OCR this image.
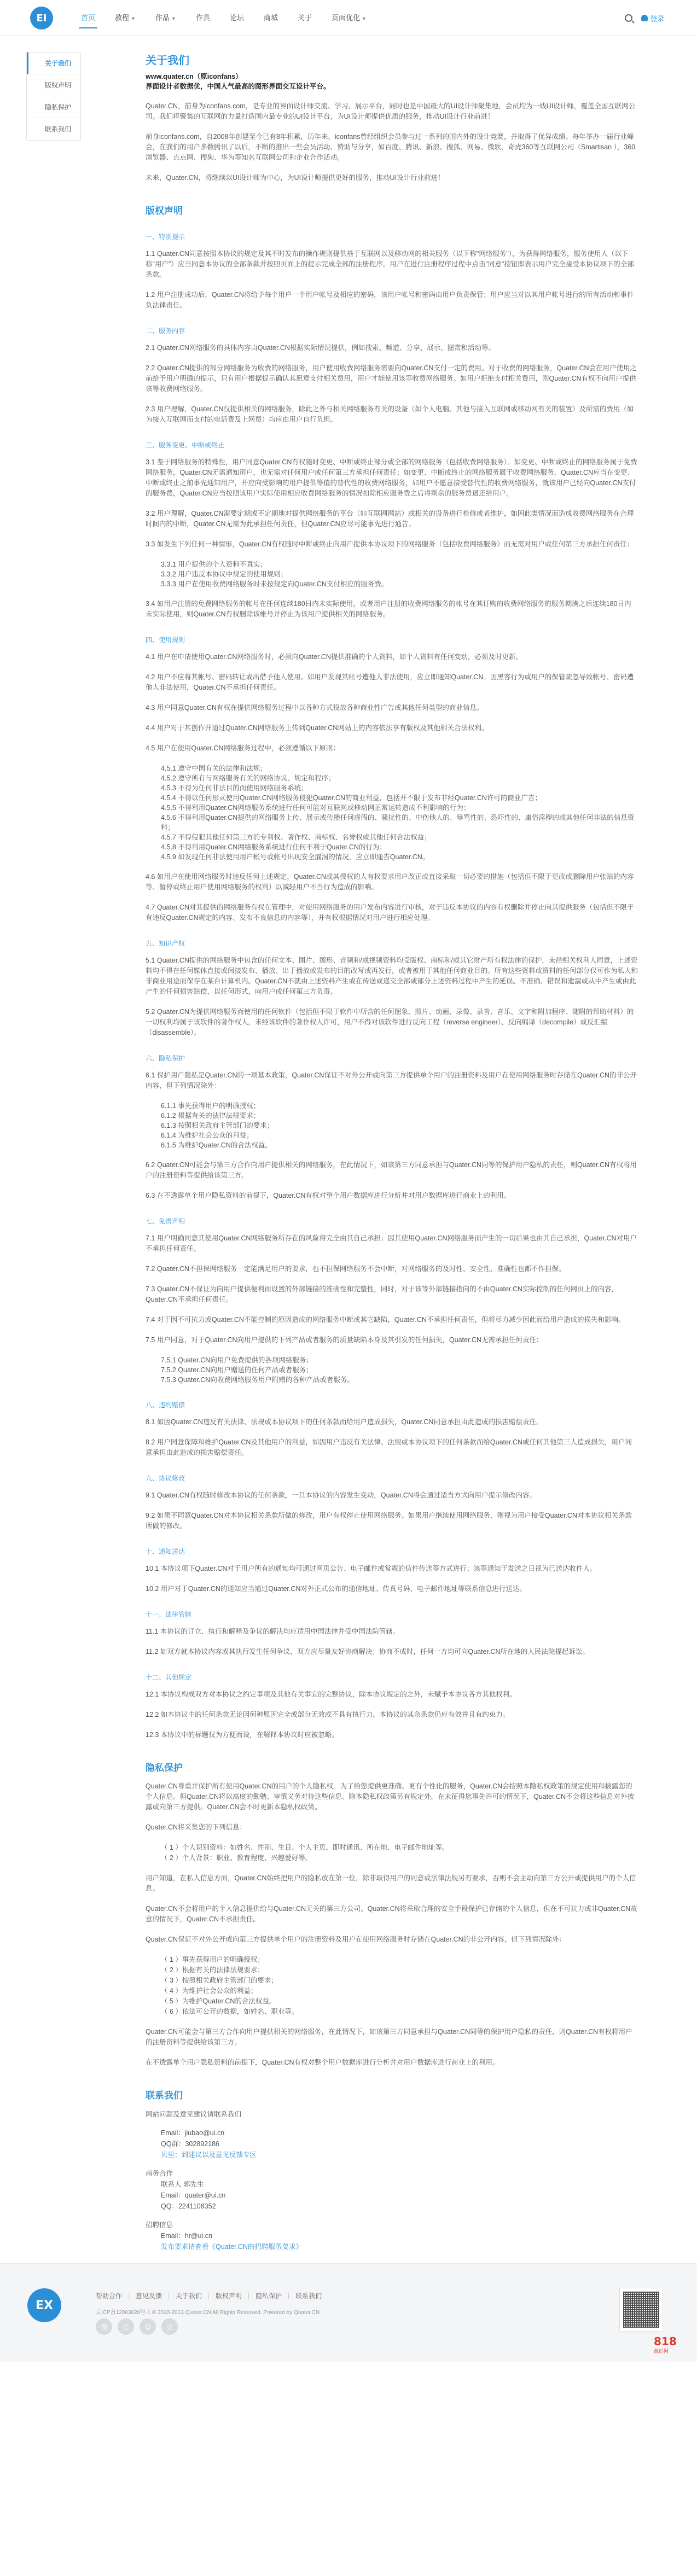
EI	首页	教程 ▼	作品 ▼	作具	论坛	商城	关于	页面优化 ▼	登录
关于我们
版权声明
隐私保护
联系我们
关于我们
www.quater.cn（原iconfans）
界面设计者数据优，中国人气最高的图形界面交互设计平台。
Quater.CN，前身为iconfans.com，是专业的界面设计师交流、学习、展示平台，同时也是中国最大的UI设计师聚集地，会员均为一线UI设计师，覆盖全国互联网公司。我们将聚集的互联网的力量打造国内最专业的UI设计平台，为UI设计师提供优质的服务，推动UI设计行业前进！
前身iconfans.com，自2008年创建至今已有8年积累，历年来，iconfans曾经组织会员参与过一系列的国内外的设计竞赛，并取得了优异成绩。每年举办一届行业峰会，在我们的用户多数腾讯了以后，不断的推出一些会员活动、赞助与分享，如百度、腾讯、新浪、搜狐、网易、微软、奇虎360等互联网公司（Smartisan ），360浏览器、点点网、搜狗、华为等知名互联网公司和企业合作活动。
未来，Quater.CN，将继续以UI设计师为中心，为UI设计师提供更好的服务，推动UI设计行业前进！
版权声明
一、特别提示
1.1 Quater.CN同意按照本协议的规定及其不时发布的操作规则提供基于互联网以及移动网的相关服务（以下称"网络服务"），为获得网络服务，服务使用人（以下称"用户"）应当同意本协议的全部条款并按照页面上的提示完成全部的注册程序。用户在进行注册程序过程中点击"同意"按钮即表示用户完全接受本协议项下的全部条款。
1.2 用户注册成功后，Quater.CN将给予每个用户一个用户帐号及相应的密码，该用户帐号和密码由用户负责保管；用户应当对以其用户帐号进行的所有活动和事件负法律责任。
二、服务内容
2.1 Quater.CN网络服务的具体内容由Quater.CN根据实际情况提供，例如搜索、频道、分享、展示、图赏和活动等。
2.2 Quater.CN提供的部分网络服务为收费的网络服务，用户使用收费网络服务需要向Quater.CN支付一定的费用。对于收费的网络服务，Quater.CN会在用户使用之前给予用户明确的提示，只有用户根据提示确认其愿意支付相关费用，用户才能使用该等收费网络服务。如用户拒绝支付相关费用，则Quater.CN有权不向用户提供该等收费网络服务。
2.3 用户理解，Quater.CN仅提供相关的网络服务，除此之外与相关网络服务有关的设备（如个人电脑、其他与接入互联网或移动网有关的装置）及所需的费用（如为接入互联网而支付的电话费及上网费）均应由用户自行负担。
三、服务变更、中断或终止
3.1 鉴于网络服务的特殊性，用户同意Quater.CN有权随时变更、中断或终止部分或全部的网络服务（包括收费网络服务）。如变更、中断或终止的网络服务属于免费网络服务，Quater.CN无需通知用户，也无需对任何用户或任何第三方承担任何责任；如变更、中断或终止的网络服务属于收费网络服务，Quater.CN应当在变更、中断或终止之前事先通知用户，并应向受影响的用户提供等值的替代性的收费网络服务，如用户不愿意接受替代性的收费网络服务，就该用户已经向Quater.CN支付的服务费，Quater.CN应当按照该用户实际使用相应收费网络服务的情况扣除相应服务费之后将剩余的服务费退还给用户。
3.2 用户理解，Quater.CN需要定期或不定期地对提供网络服务的平台（如互联网网站）或相关的设备进行检修或者维护，如因此类情况而造成收费网络服务在合理时间内的中断，Quater.CN无需为此承担任何责任，但Quater.CN应尽可能事先进行通告。
3.3 如发生下列任何一种情形，Quater.CN有权随时中断或终止向用户提供本协议项下的网络服务（包括收费网络服务）而无需对用户或任何第三方承担任何责任：
3.3.1 用户提供的个人资料不真实；
3.3.2 用户违反本协议中规定的使用规则；
3.3.3 用户在使用收费网络服务时未按规定向Quater.CN支付相应的服务费。
3.4 如用户注册的免费网络服务的帐号在任何连续180日内未实际使用，或者用户注册的收费网络服务的帐号在其订购的收费网络服务的服务期满之后连续180日内未实际使用，则Quater.CN有权删除该帐号并停止为该用户提供相关的网络服务。
四、使用规则
4.1 用户在申请使用Quater.CN网络服务时，必须向Quater.CN提供准确的个人资料，如个人资料有任何变动，必须及时更新。
4.2 用户不应将其帐号、密码转让或出借予他人使用。如用户发现其帐号遭他人非法使用，应立即通知Quater.CN。因黑客行为或用户的保管疏忽导致帐号、密码遭他人非法使用，Quater.CN不承担任何责任。
4.3 用户同意Quater.CN有权在提供网络服务过程中以各种方式投放各种商业性广告或其他任何类型的商业信息。
4.4 用户对于其创作并通过Quater.CN网络服务上传到Quater.CN网站上的内容依法享有版权及其他相关合法权利。
4.5 用户在使用Quater.CN网络服务过程中，必须遵循以下原则：
4.5.1 遵守中国有关的法律和法规；
4.5.2 遵守所有与网络服务有关的网络协议、规定和程序；
4.5.3 不得为任何非法目的而使用网络服务系统；
4.5.4 不得以任何形式使用Quater.CN网络服务侵犯Quater.CN的商业利益，包括并不限于发布非经Quater.CN许可的商业广告；
4.5.5 不得利用Quater.CN网络服务系统进行任何可能对互联网或移动网正常运转造成不利影响的行为；
4.5.6 不得利用Quater.CN提供的网络服务上传、展示或传播任何虚假的、骚扰性的、中伤他人的、辱骂性的、恐吓性的、庸俗淫秽的或其他任何非法的信息资料；
4.5.7 不得侵犯其他任何第三方的专利权、著作权、商标权、名誉权或其他任何合法权益；
4.5.8 不得利用Quater.CN网络服务系统进行任何不利于Quater.CN的行为；
4.5.9 如发现任何非法使用用户帐号或帐号出现安全漏洞的情况，应立即通告Quater.CN。
4.6 如用户在使用网络服务时违反任何上述规定，Quater.CN或其授权的人有权要求用户改正或直接采取一切必要的措施（包括但不限于更改或删除用户张贴的内容等、暂停或终止用户使用网络服务的权利）以减轻用户不当行为造成的影响。
4.7 Quater.CN对其提供的网络服务有权在管理中，对使用网络服务的用户发布内容进行审核，对于违反本协议的内容有权删除并停止向其提供服务（包括但不限于有违反Quater.CN规定的内容、发布不良信息的内容等），并有权根据情况对用户进行相应处理。
五、知识产权
5.1 Quater.CN提供的网络服务中包含的任何文本、图片、图形、音频和/或视频资料均受版权、商标和/或其它财产所有权法律的保护，未经相关权利人同意，上述资料均不得在任何媒体直接或间接发布、播放、出于播放或发布的目的改写或再发行，或者被用于其他任何商业目的。所有这些资料或资料的任何部分仅可作为私人和非商业用途而保存在某台计算机内。Quater.CN不就由上述资料产生或在传送或递交全部或部分上述资料过程中产生的延误、不准确、错误和遗漏或从中产生或由此产生的任何损害赔偿，以任何形式，向用户或任何第三方负责。
5.2 Quater.CN为提供网络服务而使用的任何软件（包括但不限于软件中所含的任何图象、照片、动画、录像、录音、音乐、文字和附加程序、随附的帮助材料）的一切权利均属于该软件的著作权人，未经该软件的著作权人许可，用户不得对该软件进行反向工程（reverse engineer）、反向编译（decompile）或反汇编（disassemble）。
六、隐私保护
6.1 保护用户隐私是Quater.CN的一项基本政策，Quater.CN保证不对外公开或向第三方提供单个用户的注册资料及用户在使用网络服务时存储在Quater.CN的非公开内容，但下列情况除外：
6.1.1 事先获得用户的明确授权；
6.1.2 根据有关的法律法规要求；
6.1.3 按照相关政府主管部门的要求；
6.1.4 为维护社会公众的利益；
6.1.5 为维护Quater.CN的合法权益。
6.2 Quater.CN可能会与第三方合作向用户提供相关的网络服务，在此情况下，如该第三方同意承担与Quater.CN同等的保护用户隐私的责任，则Quater.CN有权将用户的注册资料等提供给该第三方。
6.3 在不透露单个用户隐私资料的前提下，Quater.CN有权对整个用户数据库进行分析并对用户数据库进行商业上的利用。
七、免责声明
7.1 用户明确同意其使用Quater.CN网络服务所存在的风险将完全由其自己承担；因其使用Quater.CN网络服务而产生的一切后果也由其自己承担，Quater.CN对用户不承担任何责任。
7.2 Quater.CN不担保网络服务一定能满足用户的要求，也不担保网络服务不会中断，对网络服务的及时性、安全性、准确性也都不作担保。
7.3 Quater.CN不保证为向用户提供便利而设置的外部链接的准确性和完整性，同时，对于该等外部链接指向的不由Quater.CN实际控制的任何网页上的内容，Quater.CN不承担任何责任。
7.4 对于因不可抗力或Quater.CN不能控制的原因造成的网络服务中断或其它缺陷，Quater.CN不承担任何责任，但将尽力减少因此而给用户造成的损失和影响。
7.5 用户同意，对于Quater.CN向用户提供的下列产品或者服务的质量缺陷本身及其引发的任何损失，Quater.CN无需承担任何责任：
7.5.1 Quater.CN向用户免费提供的各项网络服务；
7.5.2 Quater.CN向用户赠送的任何产品或者服务；
7.5.3 Quater.CN向收费网络服务用户附赠的各种产品或者服务。
八、违约赔偿
8.1 如因Quater.CN违反有关法律、法规或本协议项下的任何条款而给用户造成损失，Quater.CN同意承担由此造成的损害赔偿责任。
8.2 用户同意保障和维护Quater.CN及其他用户的利益，如因用户违反有关法律、法规或本协议项下的任何条款而给Quater.CN或任何其他第三人造成损失，用户同意承担由此造成的损害赔偿责任。
九、协议修改
9.1 Quater.CN有权随时修改本协议的任何条款，一旦本协议的内容发生变动，Quater.CN将会通过适当方式向用户提示修改内容。
9.2 如果不同意Quater.CN对本协议相关条款所做的修改，用户有权停止使用网络服务。如果用户继续使用网络服务，则视为用户接受Quater.CN对本协议相关条款所做的修改。
十、通知送达
10.1 本协议项下Quater.CN对于用户所有的通知均可通过网页公告、电子邮件或常规的信件传送等方式进行；该等通知于发送之日视为已送达收件人。
10.2 用户对于Quater.CN的通知应当通过Quater.CN对外正式公布的通信地址、传真号码、电子邮件地址等联系信息进行送达。
十一、法律管辖
11.1 本协议的订立、执行和解释及争议的解决均应适用中国法律并受中国法院管辖。
11.2 如双方就本协议内容或其执行发生任何争议，双方应尽量友好协商解决；协商不成时，任何一方均可向Quater.CN所在地的人民法院提起诉讼。
十二、其他规定
12.1 本协议构成双方对本协议之约定事项及其他有关事宜的完整协议，除本协议规定的之外，未赋予本协议各方其他权利。
12.2 如本协议中的任何条款无论因何种原因完全或部分无效或不具有执行力，本协议的其余条款仍应有效并且有约束力。
12.3 本协议中的标题仅为方便而设，在解释本协议时应被忽略。
隐私保护
Quater.CN尊重并保护所有使用Quater.CN的用户的个人隐私权。为了给您提供更准确、更有个性化的服务，Quater.CN会按照本隐私权政策的规定使用和披露您的个人信息。但Quater.CN将以高度的勤勉、审慎义务对待这些信息。除本隐私权政策另有规定外，在未征得您事先许可的情况下，Quater.CN不会将这些信息对外披露或向第三方提供。Quater.CN会不时更新本隐私权政策。
Quater.CN将采集您的下列信息：
（ 1 ）个人识别资料：如姓名、性别、生日、个人主页、即时通讯、所在地、电子邮件地址等。
（ 2 ）个人背景：职业、教育程度、兴趣爱好等。
用户知道，在私人信息方面，Quater.CN始终把用户的隐私放在第一位，除非取得用户的同意或法律法规另有要求，否则不会主动向第三方公开或提供用户的个人信息。
Quater.CN不会将用户的个人信息提供给与Quater.CN无关的第三方公司。Quater.CN将采取合理的安全手段保护已存储的个人信息，但在不可抗力或非Quater.CN故意的情况下，Quater.CN不承担责任。
Quater.CN保证不对外公开或向第三方提供单个用户的注册资料及用户在使用网络服务时存储在Quater.CN的非公开内容，但下列情况除外：
（ 1 ）事先获得用户的明确授权；
（ 2 ）根据有关的法律法规要求；
（ 3 ）按照相关政府主管部门的要求；
（ 4 ）为维护社会公众的利益；
（ 5 ）为维护Quater.CN的合法权益。
（ 6 ）依法可公开的数据，如姓名、职业等。
Quater.CN可能会与第三方合作向用户提供相关的网络服务，在此情况下，如该第三方同意承担与Quater.CN同等的保护用户隐私的责任，则Quater.CN有权将用户的注册资料等提供给该第三方。
在不透露单个用户隐私资料的前提下，Quater.CN有权对整个用户数据库进行分析并对用户数据库进行商业上的利用。
联系我们
网站问题及意见建议请联系我们
Email：jiubao@ui.cn
QQ群：302892186
贝里：到建议以及意见反馈专区
商务合作
联系人 郭先生
Email：quater@ui.cn
QQ：2241108352
招聘信息
Email：hr@ui.cn
发布要求请查看《Quater.CN的招聘服务要求》
EX
帮助合作	意见反馈	关于我们	版权声明	隐私保护	联系我们
京ICP备12003628号-1 © 2010-2013 Quater.CN All Rights Reserved. Powered by Quater.CN
微	信	Q	豆
818
源码网
